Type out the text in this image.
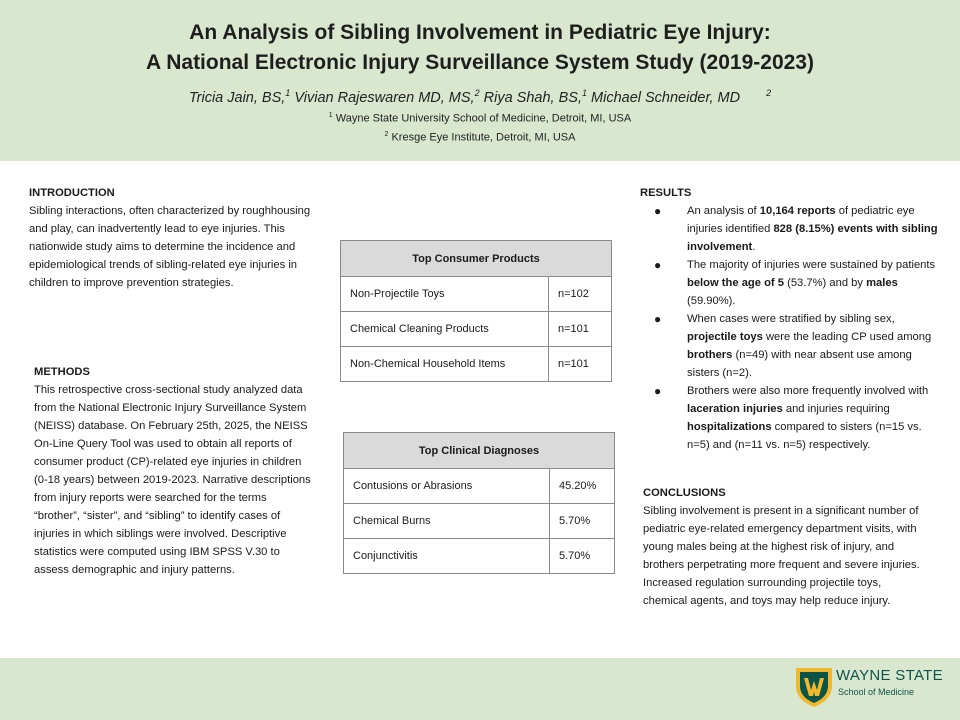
An Analysis of Sibling Involvement in Pediatric Eye Injury:
A National Electronic Injury Surveillance System Study (2019-2023)
Tricia Jain, BS,$^1$ Vivian Rajeswaren MD, MS,$^2$ Riya Shah, BS,$^1$ Michael Schneider, MD	$^2$
$^1$ Wayne State University School of Medicine, Detroit, MI, USA
$^2$ Kresge Eye Institute, Detroit, MI, USA
INTRODUCTION

Sibling interactions, often characterized by roughhousing and play, can inadvertently lead to eye injuries. This nationwide study aims to determine the incidence and epidemiological trends of sibling-related eye injuries in children to improve prevention strategies.

METHODS

This retrospective cross-sectional study analyzed data from the National Electronic Injury Surveillance System (NEISS) database. On February 25th, 2025, the NEISS On-Line Query Tool was used to obtain all reports of consumer product (CP)-related eye injuries in children (0-18 years) between 2019-2023. Narrative descriptions from injury reports were searched for the terms “brother”, “sister”, and “sibling” to identify cases of injuries in which siblings were involved. Descriptive statistics were computed using IBM SPSS V.30 to assess demographic and injury patterns.

Top Consumer Products	
Non-Projectile Toys	n=102
Chemical Cleaning Products	n=101
Non-Chemical Household Items	n=101
Top Clinical Diagnoses	
Contusions or Abrasions	45.20%
Chemical Burns	5.70%
Conjunctivitis	5.70%
RESULTS
● An analysis of 10,164 reports of pediatric eye injuries identified 828 (8.15%) events with sibling involvement.
● The majority of injuries were sustained by patients below the age of 5 (53.7%) and by males (59.90%).
● When cases were stratified by sibling sex, projectile toys were the leading CP used among brothers (n=49) with near absent use among sisters (n=2).
● Brothers were also more frequently involved with laceration injuries and injuries requiring hospitalizations compared to sisters (n=15 vs. n=5) and (n=11 vs. n=5) respectively.
CONCLUSIONS

Sibling involvement is present in a significant number of pediatric eye-related emergency department visits, with young males being at the highest risk of injury, and brothers perpetrating more frequent and severe injuries. Increased regulation surrounding projectile toys, chemical agents, and toys may help reduce injury.

WAYNE STATE
School of Medicine
